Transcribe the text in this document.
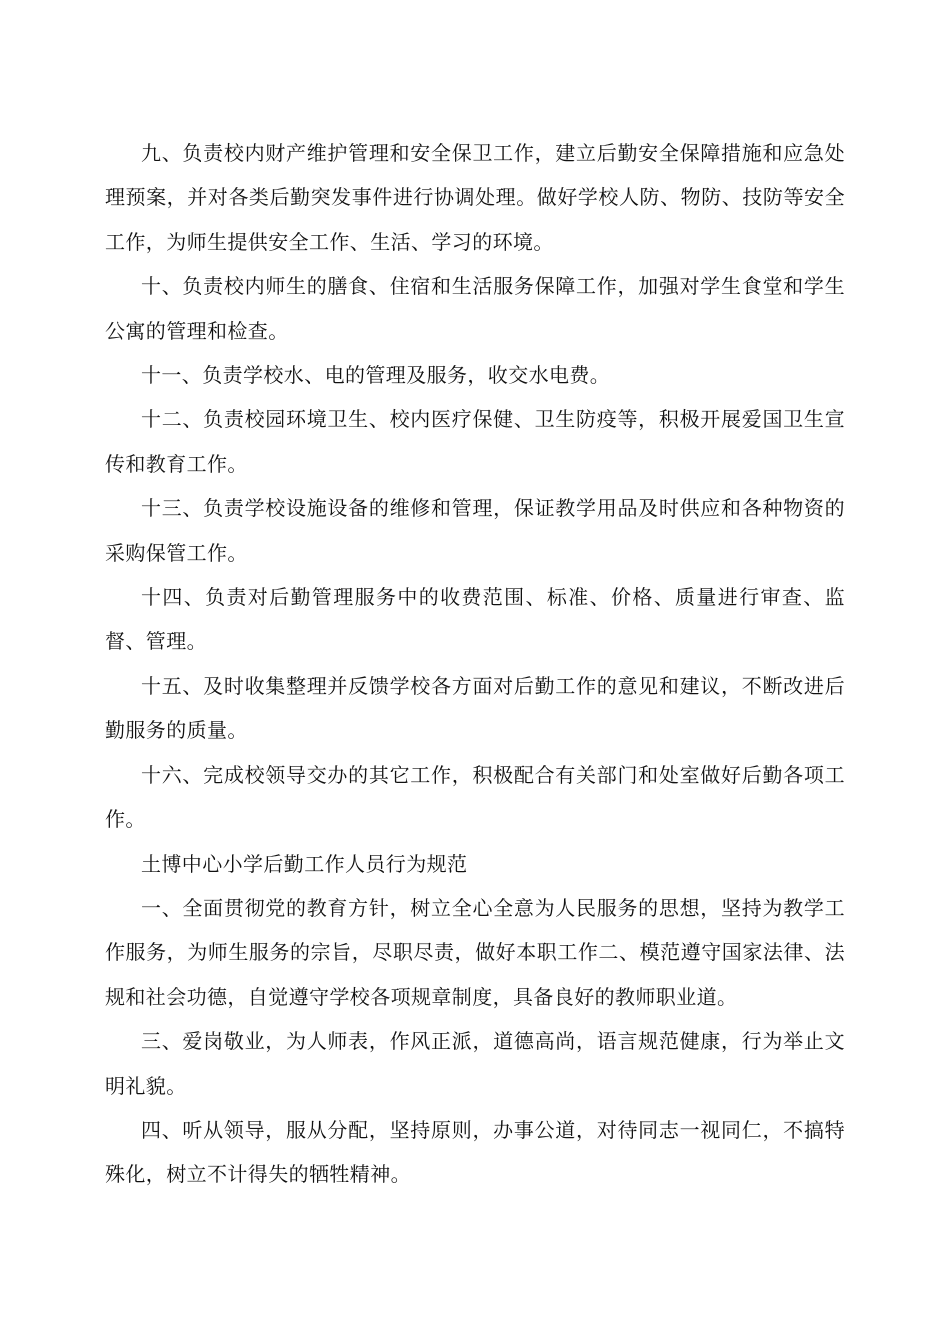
九、负责校内财产维护管理和安全保卫工作，建立后勤安全保障措施和应急处理预案，并对各类后勤突发事件进行协调处理。做好学校人防、物防、技防等安全工作，为师生提供安全工作、生活、学习的环境。

十、负责校内师生的膳食、住宿和生活服务保障工作，加强对学生食堂和学生公寓的管理和检查。

十一、负责学校水、电的管理及服务，收交水电费。

十二、负责校园环境卫生、校内医疗保健、卫生防疫等，积极开展爱国卫生宣传和教育工作。

十三、负责学校设施设备的维修和管理，保证教学用品及时供应和各种物资的采购保管工作。

十四、负责对后勤管理服务中的收费范围、标准、价格、质量进行审查、监督、管理。

十五、及时收集整理并反馈学校各方面对后勤工作的意见和建议，不断改进后勤服务的质量。

十六、完成校领导交办的其它工作，积极配合有关部门和处室做好后勤各项工作。

土博中心小学后勤工作人员行为规范

一、全面贯彻党的教育方针，树立全心全意为人民服务的思想，坚持为教学工作服务，为师生服务的宗旨，尽职尽责，做好本职工作二、模范遵守国家法律、法规和社会功德，自觉遵守学校各项规章制度，具备良好的教师职业道。

三、爱岗敬业，为人师表，作风正派，道德高尚，语言规范健康，行为举止文明礼貌。

四、听从领导，服从分配，坚持原则，办事公道，对待同志一视同仁，不搞特殊化，树立不计得失的牺牲精神。
